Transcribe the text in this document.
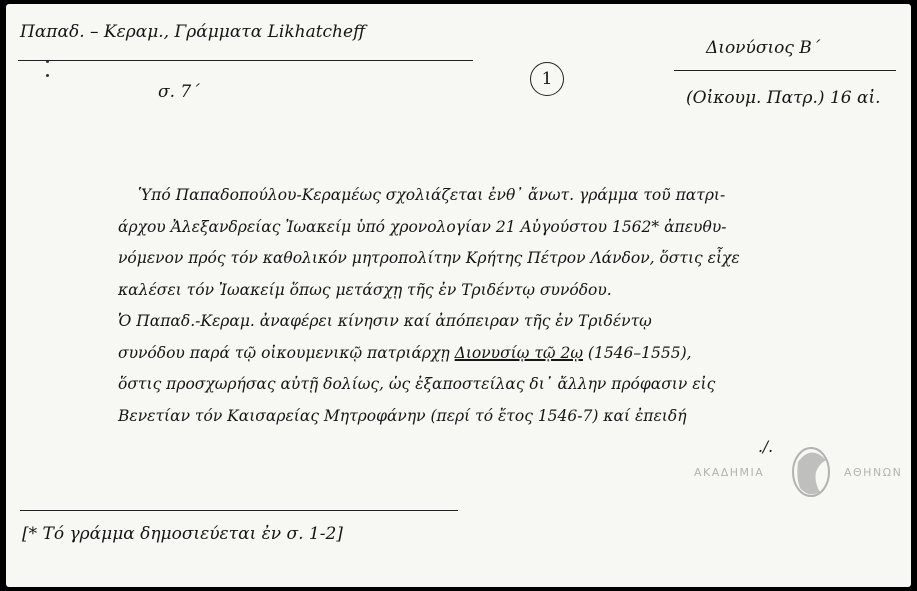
Παπαδ. – Κεραμ., Γράμματα Likhatcheff
σ. 7΄
1
Διονύσιος Β΄
(Οἰκουμ. Πατρ.) 16 αἰ.
Ὑπό Παπαδοπούλου-Κεραμέως σχολιάζεται ἐνθ᾽ ἄνωτ. γράμμα τοῦ πατρι-
άρχου Ἀλεξανδρείας Ἰωακείμ ὑπό χρονολογίαν 21 Αὐγούστου 1562* ἀπευθυ-
νόμενον πρός τόν καθολικόν μητροπολίτην Κρήτης Πέτρον Λάνδον, ὅστις εἶχε
καλέσει τόν Ἰωακείμ ὅπως μετάσχῃ τῆς ἐν Τριδέντῳ συνόδου.
Ὁ Παπαδ.-Κεραμ. ἀναφέρει κίνησιν καί ἀπόπειραν τῆς ἐν Τριδέντῳ
συνόδου παρά τῷ οἰκουμενικῷ πατριάρχῃ Διονυσίῳ τῷ 2ῳ (1546–1555),
ὅστις προσχωρήσας αὐτῇ δολίως, ὡς ἐξαποστείλας δι᾽ ἄλλην πρόφασιν εἰς
Βενετίαν τόν Καισαρείας Μητροφάνην (περί τό ἔτος 1546-7) καί ἐπειδή
./.
ΑΚΑΔΗΜΙΑ	ΑΘΗΝΩΝ
[* Τό γράμμα δημοσιεύεται ἐν σ. 1-2]
